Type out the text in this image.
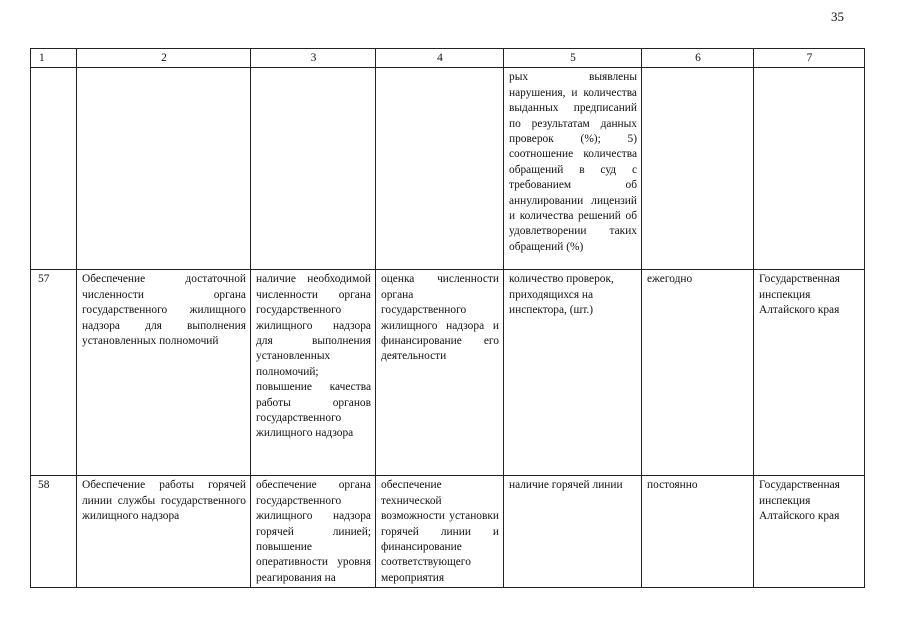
35
1	2	3	4	5	6	7
				рых выявлены нарушения, и количества выданных предписаний по результатам данных проверок (%); 5) соотношение количества обращений в суд с требованием об аннулировании лицензий и количества решений об удовлетворении таких обращений (%)		
57	Обеспечение достаточной численности органа государственного жилищного надзора для выполнения установленных полномочий	наличие необходимой численности органа государственного жилищного надзора для выполнения установленных полномочий; повышение качества работы органов государственного жилищного надзора	оценка численности органа государственного жилищного надзора и финансирование его деятельности	количество проверок, приходящихся на инспектора, (шт.)	ежегодно	Государственная инспекция Алтайского края
58	Обеспечение работы горячей линии службы государственного жилищного надзора	обеспечение органа государственного жилищного надзора горячей линией; повышение оперативности уровня реагирования на	обеспечение технической возможности установки горячей линии и финансирование соответствующего мероприятия	наличие горячей линии	постоянно	Государственная инспекция Алтайского края
